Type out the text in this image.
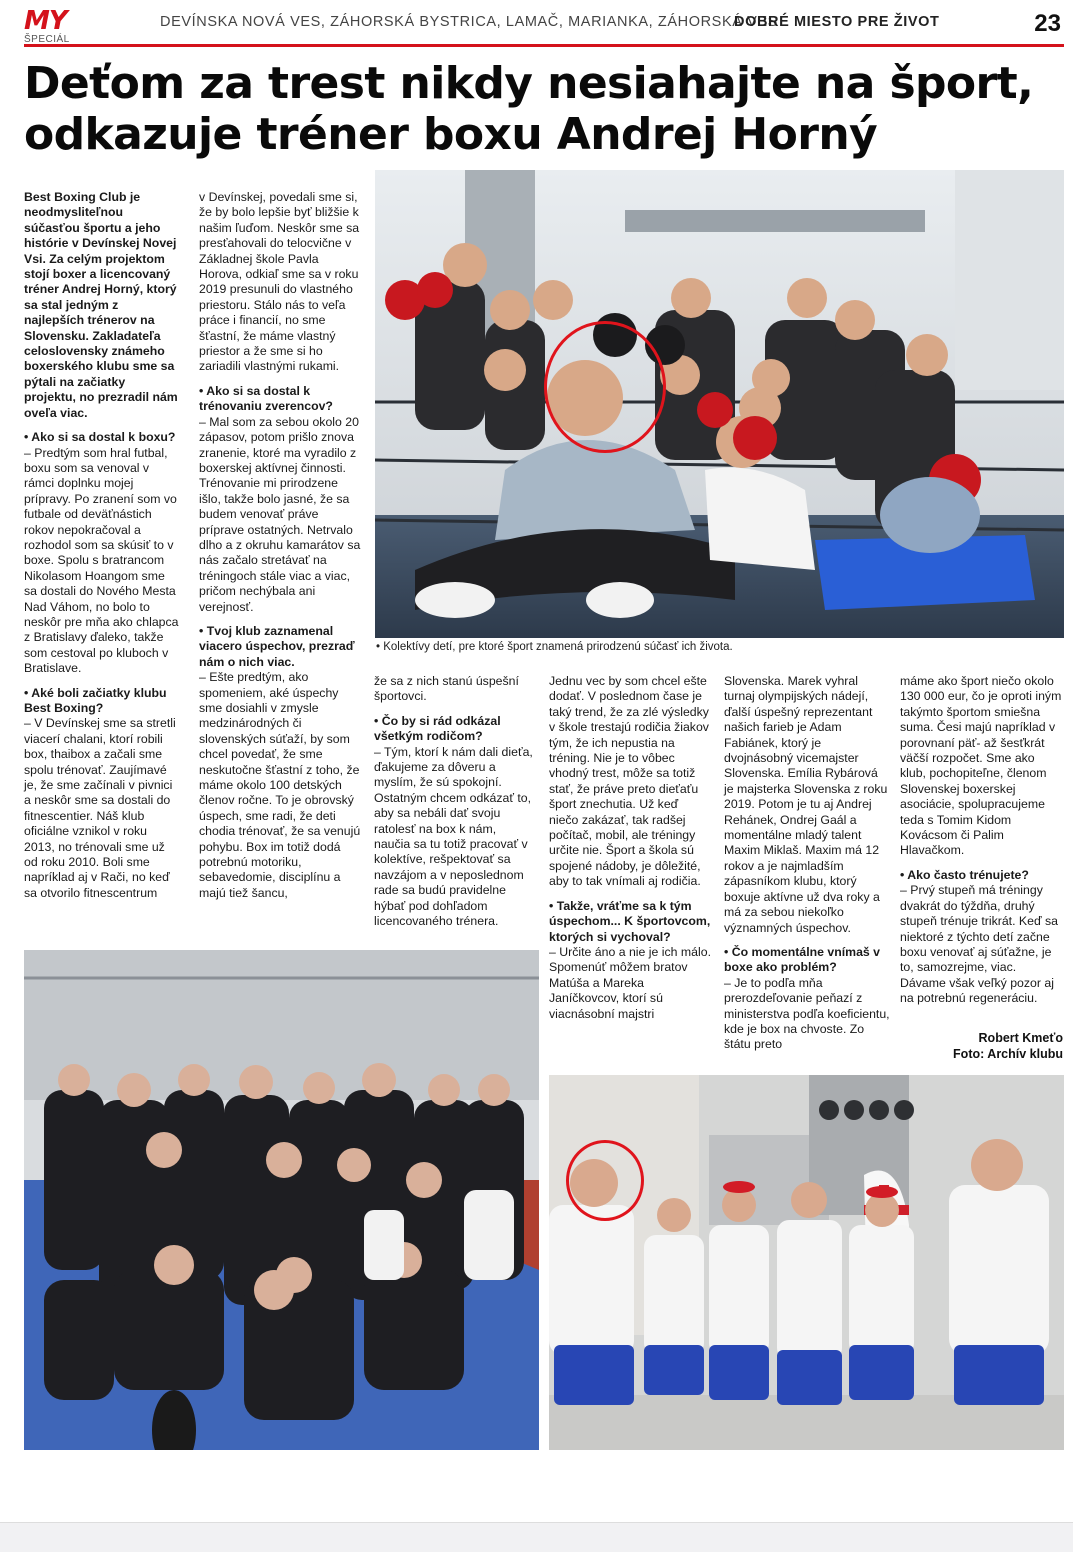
MY
ŠPECIÁL
DEVÍNSKA NOVÁ VES, ZÁHORSKÁ BYSTRICA, LAMAČ, MARIANKA, ZÁHORSKÁ VES
DOBRÉ MIESTO PRE ŽIVOT	23
Deťom za trest nikdy nesiahajte na šport,
odkazuje tréner boxu Andrej Horný

Best Boxing Club je neodmysliteľnou súčasťou športu a jeho histórie v Devínskej Novej Vsi. Za celým projektom stojí boxer a licencovaný tréner Andrej Horný, ktorý sa stal jedným z najlepších trénerov na Slovensku. Zakladateľa celoslovensky známeho boxerského klubu sme sa pýtali na začiatky projektu, no prezradil nám oveľa viac.

• Ako si sa dostal k boxu?
– Predtým som hral futbal, boxu som sa venoval v rámci doplnku mojej prípravy. Po zranení som vo futbale od deväťnástich rokov nepokračoval a rozhodol som sa skúsiť to v boxe. Spolu s bratrancom Nikolasom Hoangom sme sa dostali do Nového Mesta Nad Váhom, no bolo to neskôr pre mňa ako chlapca z Bratislavy ďaleko, takže som cestoval po kluboch v Bratislave.

• Aké boli začiatky klubu Best Boxing?
– V Devínskej sme sa stretli viacerí chalani, ktorí robili box, thaibox a začali sme spolu trénovať. Zaujímavé je, že sme začínali v pivnici a neskôr sme sa dostali do fitnescentier. Náš klub oficiálne vznikol v roku 2013, no trénovali sme už od roku 2010. Boli sme napríklad aj v Rači, no keď sa otvorilo fitnescentrum

v Devínskej, povedali sme si, že by bolo lepšie byť bližšie k našim ľuďom. Neskôr sme sa presťahovali do telocvične v Základnej škole Pavla Horova, odkiaľ sme sa v roku 2019 presunuli do vlastného priestoru. Stálo nás to veľa práce i financií, no sme šťastní, že máme vlastný priestor a že sme si ho zariadili vlastnými rukami.

• Ako si sa dostal k trénovaniu zverencov?
– Mal som za sebou okolo 20 zápasov, potom prišlo znova zranenie, ktoré ma vyradilo z boxerskej aktívnej činnosti. Trénovanie mi prirodzene išlo, takže bolo jasné, že sa budem venovať práve príprave ostatných. Netrvalo dlho a z okruhu kamarátov sa nás začalo stretávať na tréningoch stále viac a viac, pričom nechýbala ani verejnosť.

• Tvoj klub zaznamenal viacero úspechov, prezraď nám o nich viac.
– Ešte predtým, ako spomeniem, aké úspechy sme dosiahli v zmysle medzinárodných či slovenských súťaží, by som chcel povedať, že sme neskutočne šťastní z toho, že máme okolo 100 detských členov ročne. To je obrovský úspech, sme radi, že deti chodia trénovať, že sa venujú pohybu. Box im totiž dodá potrebnú motoriku, sebavedomie, disciplínu a majú tiež šancu,

• Kolektívy detí, pre ktoré šport znamená prirodzenú súčasť ich života.

že sa z nich stanú úspešní športovci.

• Čo by si rád odkázal všetkým rodičom?
– Tým, ktorí k nám dali dieťa, ďakujeme za dôveru a myslím, že sú spokojní. Ostatným chcem odkázať to, aby sa nebáli dať svoju ratolesť na box k nám, naučia sa tu totiž pracovať v kolektíve, rešpektovať sa navzájom a v neposlednom rade sa budú pravidelne hýbať pod dohľadom licencovaného trénera.

Jednu vec by som chcel ešte dodať. V poslednom čase je taký trend, že za zlé výsledky v škole trestajú rodičia žiakov tým, že ich nepustia na tréning. Nie je to vôbec vhodný trest, môže sa totiž stať, že práve preto dieťaťu šport znechutia. Už keď niečo zakázať, tak radšej počítač, mobil, ale tréningy určite nie. Šport a škola sú spojené nádoby, je dôležité, aby to tak vnímali aj rodičia.

• Takže, vráťme sa k tým úspechom... K športovcom, ktorých si vychoval?
– Určite áno a nie je ich málo. Spomenúť môžem bratov Matúša a Mareka Janíčkovcov, ktorí sú viacnásobní majstri

Slovenska. Marek vyhral turnaj olympijských nádejí, ďalší úspešný reprezentant našich farieb je Adam Fabiánek, ktorý je dvojnásobný vicemajster Slovenska. Emília Rybárová je majsterka Slovenska z roku 2019. Potom je tu aj Andrej Rehánek, Ondrej Gaál a momentálne mladý talent Maxim Miklaš. Maxim má 12 rokov a je najmladším zápasníkom klubu, ktorý boxuje aktívne už dva roky a má za sebou niekoľko významných úspechov.

• Čo momentálne vnímaš v boxe ako problém?
– Je to podľa mňa prerozdeľovanie peňazí z ministerstva podľa koeficientu, kde je box na chvoste. Zo štátu preto

máme ako šport niečo okolo 130 000 eur, čo je oproti iným takýmto športom smiešna suma. Česi majú napríklad v porovnaní päť- až šesťkrát väčší rozpočet. Sme ako klub, pochopiteľne, členom Slovenskej boxerskej asociácie, spolupracujeme teda s Tomim Kidom Kovácsom či Palim Hlavačkom.

• Ako často trénujete?
– Prvý stupeň má tréningy dvakrát do týždňa, druhý stupeň trénuje trikrát. Keď sa niektoré z týchto detí začne boxu venovať aj súťažne, je to, samozrejme, viac. Dávame však veľký pozor aj na potrebnú regeneráciu.

Robert Kmeťo
Foto: Archív klubu
